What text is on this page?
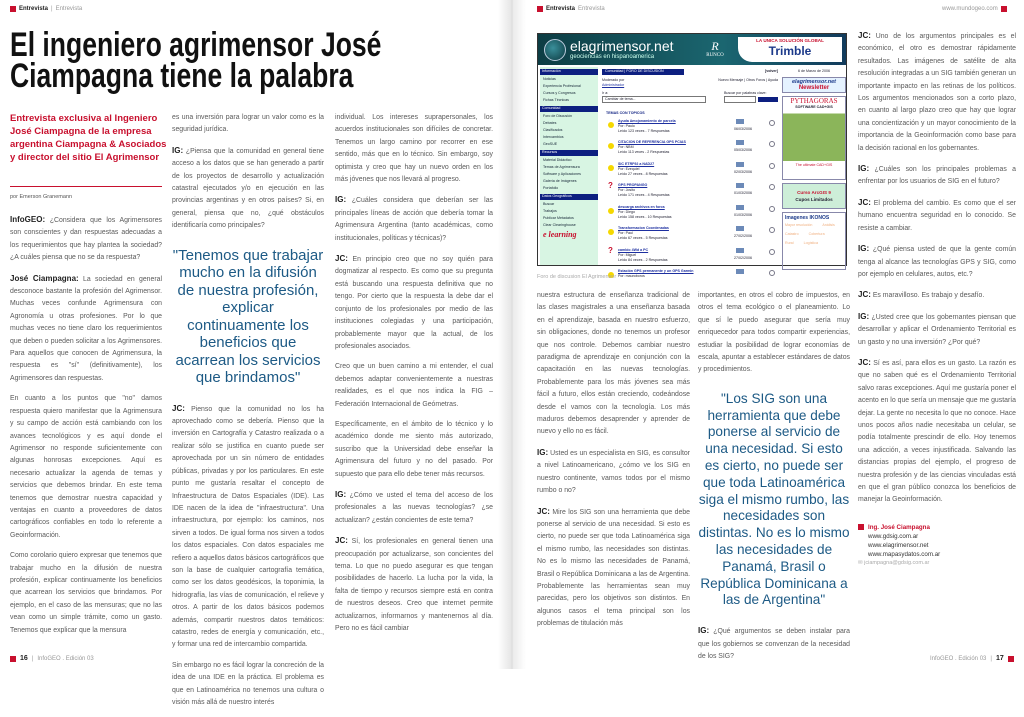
Entrevista | Entrevista
El ingeniero agrimensor José
Ciampagna tiene la palabra
Entrevista exclusiva al Ingeniero José Ciampagna de la empresa argentina Ciampagna & Asociados y director del sitio El Agrimensor
por Emerson Granemann

InfoGEO: ¿Considera que los Agrimensores son conscientes y dan respuestas adecuadas a los requerimientos que hay plantea la sociedad? ¿A cuáles piensa que no se da respuesta?

José Ciampagna: La sociedad en general desconoce bastante la profesión del Agrimensor. Muchas veces confunde Agrimensura con Agronomía u otras profesiones. Por lo que muchas veces no tiene claro los requerimientos que deben o pueden solicitar a los Agrimensores. Para aquellos que conocen de Agrimensura, la respuesta es "sí" (definitivamente), los Agrimensores dan respuestas.

En cuanto a los puntos que "no" damos respuesta quiero manifestar que la Agrimensura y su campo de acción está cambiando con los avances tecnológicos y es aquí donde el Agrimensor no responde suficientemente con algunas honrosas excepciones. Aquí es necesario actualizar la agenda de temas y servicios que debemos brindar. En este tema tenemos que demostrar nuestra capacidad y ventajas en cuanto a proveedores de datos cartográficos confiables en todo lo referente a Geoinformación.

Como corolario quiero expresar que tenemos que trabajar mucho en la difusión de nuestra profesión, explicar continuamente los beneficios que acarrean los servicios que brindamos. Por ejemplo, en el caso de las mensuras; que no las vean como un simple trámite, como un gasto. Tenemos que explicar que la mensura

es una inversión para lograr un valor como es la seguridad jurídica.

IG: ¿Piensa que la comunidad en general tiene acceso a los datos que se han generado a partir de los proyectos de desarrollo y actualización catastral ejecutados y/o en ejecución en las provincias argentinas y en otros países? Si, en general, piensa que no, ¿qué obstáculos identificaría como principales?

"Tenemos que trabajar mucho en la difusión de nuestra profesión, explicar continuamente los beneficios que acarrean los servicios que brindamos"

JC: Pienso que la comunidad no los ha aprovechado como se debería. Pienso que la inversión en Cartografía y Catastro realizada o a realizar sólo se justifica en cuanto puede ser aprovechada por un sin número de entidades públicas, privadas y por los particulares. En este punto me gustaría resaltar el concepto de Infraestructura de Datos Espaciales (IDE). Las IDE nacen de la idea de "infraestructura". Una infraestructura, por ejemplo: los caminos, nos sirven a todos. De igual forma nos sirven a todos los datos espaciales. Con datos espaciales me refiero a aquellos datos básicos cartográficos que son la base de cualquier cartografía temática, como ser los datos geodésicos, la toponimia, la hidrografía, las vías de comunicación, el relieve y otros. A partir de los datos básicos podemos además, compartir nuestros datos temáticos: catastro, redes de energía y comunicación, etc., y formar una red de intercambio compartida.

Sin embargo no es fácil lograr la concreción de la idea de una IDE en la práctica. El problema es que en Latinoamérica no tenemos una cultura o visión más allá de nuestro interés

individual. Los intereses suprapersonales, los acuerdos institucionales son difíciles de concretar. Tenemos un largo camino por recorrer en ese sentido, más que en lo técnico. Sin embargo, soy optimista y creo que hay un nuevo orden en los más jóvenes que nos llevará al progreso.

IG: ¿Cuáles considera que deberían ser las principales líneas de acción que debería tomar la Agrimensura Argentina (tanto académicas, como institucionales, políticas y técnicas)?

JC: En principio creo que no soy quién para dogmatizar al respecto. Es como que su pregunta está buscando una respuesta definitiva que no tengo. Por cierto que la respuesta la debe dar el conjunto de los profesionales por medio de las instituciones colegiadas y una participación, probablemente mayor que la actual, de los profesionales asociados.

Creo que un buen camino a mi entender, el cual debemos adaptar convenientemente a nuestras realidades, es el que nos indica la FIG – Federación Internacional de Geómetras.

Específicamente, en el ámbito de lo técnico y lo académico donde me siento más autorizado, suscribo que la Universidad debe enseñar la Agrimensura del futuro y no del pasado. Por supuesto que para ello debe tener más recursos.

IG: ¿Cómo ve usted el tema del acceso de los profesionales a las nuevas tecnologías? ¿se actualizan? ¿están concientes de este tema?

JC: Sí, los profesionales en general tienen una preocupación por actualizarse, son concientes del tema. Lo que no puedo asegurar es que tengan posibilidades de hacerlo. La lucha por la vida, la falta de tiempo y recursos siempre está en contra de nuestros deseos. Creo que internet permite actualizarnos, informarnos y mantenernos al día. Pero no es fácil cambiar

16 | InfoGEO . Edición 03
Entrevista Entrevista	www.mundogeo.com
elagrimensor.net
geociencias en hispanoamerica
R
RUNCO
LA UNICA SOLUCIÓN GLOBAL
Trimble
Información
Noticias
Experiencia Profesional
Cursos y Congresos
Fichas Técnicas
Comunidad
Foro de Discusión
Debates
Clasificados
Intercambios
GeoSUE
Recursos
Material Didáctico
Temas de Agrimensura
Software y Aplicaciones
Galería de Imágenes
Portafolio
Datos Geográficos
Buscar
Trabajos
Publicar Metadatos
Clear Clearinghouse
e learning
Comunidad | FORO DE DISCUSION	[volver]
Moderado por
Administrador
Nuevo Mensaje | Otros Foros | Ayuda
Ir a:
Cambiar de tema...
Buscar por palabras clave:
TEMAS CON TOPICOS
Ayuda Amojonamiento de parcela
Por: Paulo
Leído 123 veces - 7 Respuestas	06/03/2006
CITACION DE REFERENCIA GPS PCIAS
Por: NBM
Leído 113 veces - 2 Respuestas	05/03/2006
SIC ETRF92 a NAD27
Por: Ezequiel
Leído 27 veces - 8 Respuestas	02/03/2006
?	GPS PROPANGO
Por: Josito
Leído 171 veces - 4 Respuestas	01/03/2006
descarga archivos en foros
Por: Diego
Leído 158 veces - 10 Respuestas	01/03/2006
Transformacion Coordenadas
Por: Paul
Leído 67 veces - 5 Respuestas	27/02/2006
?	cambio 4Wd a PC
Por: Miguel
Leído 84 veces - 2 Respuestas	27/02/2006
Estación GPS permanente y un GPS Garmin
Por: mauroboros
6 de Marzo de 2006
elagrimensor.net
Newsletter
PYTHAGORAS
SOFTWARE CAD+GIS
The ultimate CAD+GIS
Curso ArcGIS 9
Cupos Limitados
Imagenes IKONOS
Mayor resolución	Análisis
Catastro	Cobertura
Rural	Logística
Foro de discusion El Agrimensor

nuestra estructura de enseñanza tradicional de las clases magistrales a una enseñanza basada en el aprendizaje, basada en nuestro esfuerzo, sin obligaciones, donde no tenemos un profesor que nos controle. Debemos cambiar nuestro paradigma de aprendizaje en conjunción con la capacitación en las nuevas tecnologías. Probablemente para los más jóvenes sea más fácil a futuro, ellos están creciendo, codeándose desde el vamos con la tecnología. Los más maduros debemos desaprender y aprender de nuevo y ello no es fácil.

IG: Usted es un especialista en SIG, es consultor a nivel Latinoamericano, ¿cómo ve los SIG en nuestro continente, vamos todos por el mismo rumbo o no?

JC: Mire los SIG son una herramienta que debe ponerse al servicio de una necesidad. Si esto es cierto, no puede ser que toda Latinoamérica siga el mismo rumbo, las necesidades son distintas. No es lo mismo las necesidades de Panamá, Brasil o República Dominicana a las de Argentina. Probablemente las herramientas sean muy parecidas, pero los objetivos son distintos. En algunos casos el tema principal son los problemas de titulación más

importantes, en otros el cobro de impuestos, en otros el tema ecológico o el planeamiento. Lo que sí le puedo asegurar que sería muy enriquecedor para todos compartir experiencias, estudiar la posibilidad de lograr economías de escala, apuntar a establecer estándares de datos y procedimientos.

"Los SIG son una herramienta que debe ponerse al servicio de una necesidad. Si esto es cierto, no puede ser que toda Latinoamérica siga el mismo rumbo, las necesidades son distintas. No es lo mismo las necesidades de Panamá, Brasil o República Dominicana a las de Argentina"

IG: ¿Qué argumentos se deben instalar para que los gobiernos se convenzan de la necesidad de los SIG?

JC: Uno de los argumentos principales es el económico, el otro es demostrar rápidamente resultados. Las imágenes de satélite de alta resolución integradas a un SIG también generan un importante impacto en las retinas de los políticos. Los argumentos mencionados son a corto plazo, en cuanto al largo plazo creo que hay que lograr una concientización y un mayor conocimiento de la importancia de la Geoinformación como base para la decisión racional en los gobernantes.

IG: ¿Cuáles son los principales problemas a enfrentar por los usuarios de SIG en el futuro?

JC: El problema del cambio. Es como que el ser humano encuentra seguridad en lo conocido. Se resiste a cambiar.

IG: ¿Qué piensa usted de que la gente común tenga al alcance las tecnologías GPS y SIG, como por ejemplo en celulares, autos, etc.?

JC: Es maravilloso. Es trabajo y desafío.

IG: ¿Usted cree que los gobernantes piensan que desarrollar y aplicar el Ordenamiento Territorial es un gasto y no una inversión? ¿Por qué?

JC: Sí es así, para ellos es un gasto. La razón es que no saben qué es el Ordenamiento Territorial salvo raras excepciones. Aquí me gustaría poner el acento en lo que sería un mensaje que me gustaría dejar. La gente no necesita lo que no conoce. Hace unos pocos años nadie necesitaba un celular, se podía totalmente prescindir de ello. Hoy tenemos una adicción, a veces injustificada. Salvando las distancias propias del ejemplo, el progreso de nuestra profesión y de las ciencias vinculadas está en que el gran público conozca los beneficios de manejar la Geoinformación.

Ing. José Ciampagna
www.gdsig.com.ar
www.elagrimensor.net
www.mapasydatos.com.ar
✉ jciampagna@gdsig.com.ar
InfoGEO . Edición 03 | 17
